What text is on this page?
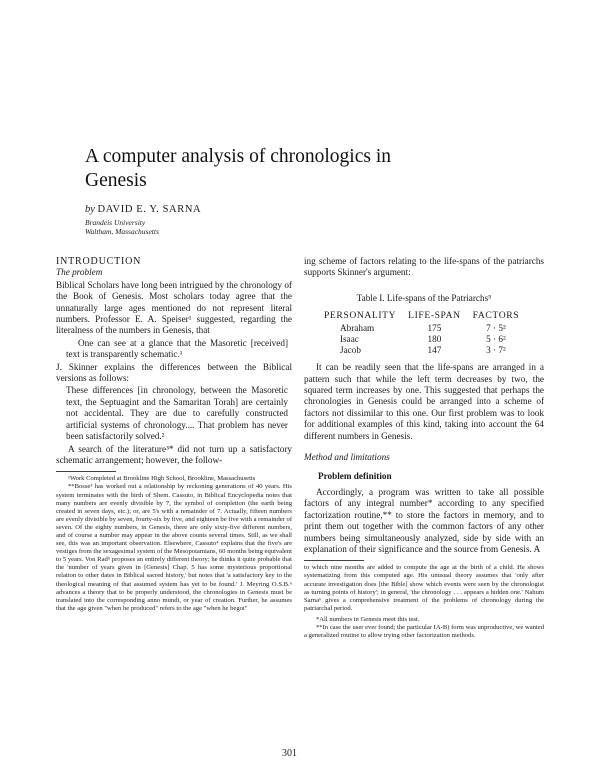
A computer analysis of chronologics in Genesis
by DAVID E. Y. SARNA
Brandeis University
Waltham, Massachusetts
INTRODUCTION
The problem

Biblical Scholars have long been intrigued by the chronology of the Book of Genesis. Most scholars today agree that the unnaturally large ages mentioned do not represent literal numbers. Professor E. A. Speiser¹ suggested, regarding the literalness of the numbers in Genesis, that

One can see at a glance that the Masoretic [received] text is transparently schematic.¹

J. Skinner explains the differences between the Biblical versions as follows:

These differences [in chronology, between the Masoretic text, the Septuagint and the Samaritan Torah] are certainly not accidental. They are due to carefully constructed artificial systems of chronology.... That problem has never been satisfactorily solved.²

A search of the literature³* did not turn up a satisfactory schematic arrangement; however, the follow-

¹Work Completed at Brookline High School, Brookline, Massachusetts

**Bosse³ has worked out a relationship by reckoning generations of 40 years. His system terminates with the birth of Shem. Cassuto, in Biblical Encyclopedia notes that many numbers are evenly divisible by 7, the symbol of completion (the earth being created in seven days, etc.); or, are 5's with a remainder of 7. Actually, fifteen numbers are evenly divisible by seven, fourty-six by five, and eighteen be five with a remainder of seven. Of the eighty numbers, in Genesis, there are only sixty-five different numbers, and of course a number may appear in the above counts several times. Still, as we shall see, this was an important observation. Elsewhere, Cassuto⁴ explains that the five's are vestiges from the sexagesimal system of the Mesopotamians, 60 months being equivalent to 5 years. Von Rad⁵ proposes an entirely different theory; he thinks it quite probable that the 'number of years given in [Genesis] Chap. 5 has some mysterious proportional relation to other dates in Biblical sacred history,' but notes that 'a satisfactory key to the theological meaning of that assumed system has yet to be found.' J. Meyring O.S.B.⁶ advances a theory that to be properly understood, the chronologies in Genesis must be translated into the corresponding anno mundi, or year of creation. Further, he assumes that the age given "when he produced" refers to the age "when he begot"

ing scheme of factors relating to the life-spans of the patriarchs supports Skinner's argument:

Table I. Life-spans of the Patriarchs⁵
PERSONALITY	LIFE-SPAN	FACTORS
Abraham	175	7 · 5²
Isaac	180	5 · 6²
Jacob	147	3 · 7²

It can be readily seen that the life-spans are arranged in a pattern such that while the left term decreases by two, the squared term increases by one. This suggested that perhaps the chronologies in Genesis could be arranged into a scheme of factors not dissimilar to this one. Our first problem was to look for additional examples of this kind, taking into account the 64 different numbers in Genesis.

Method and limitations
Problem definition

Accordingly, a program was written to take all possible factors of any integral number* according to any specified factorization routine,** to store the factors in memory, and to print them out together with the common factors of any other numbers being simultaneously analyzed, side by side with an explanation of their significance and the source from Genesis. A

to which nine months are added to compute the age at the birth of a child. He shows systematizing from this computed age. His unusual theory assumes that 'only after accurate investigation does [the Bible] show which events were seen by the chronologist as turning points of history'; in general, 'the chronology . . . appears a hidden one.' Nahum Sarna⁶ gives a comprehensive treatment of the problems of chronology during the patriarchal period.

*All numbers in Genesis meet this test.

**In case the user ever found; the particular IA-B) form was unproductive, we wanted a generalized routine to allow trying other factorization methods.

301
